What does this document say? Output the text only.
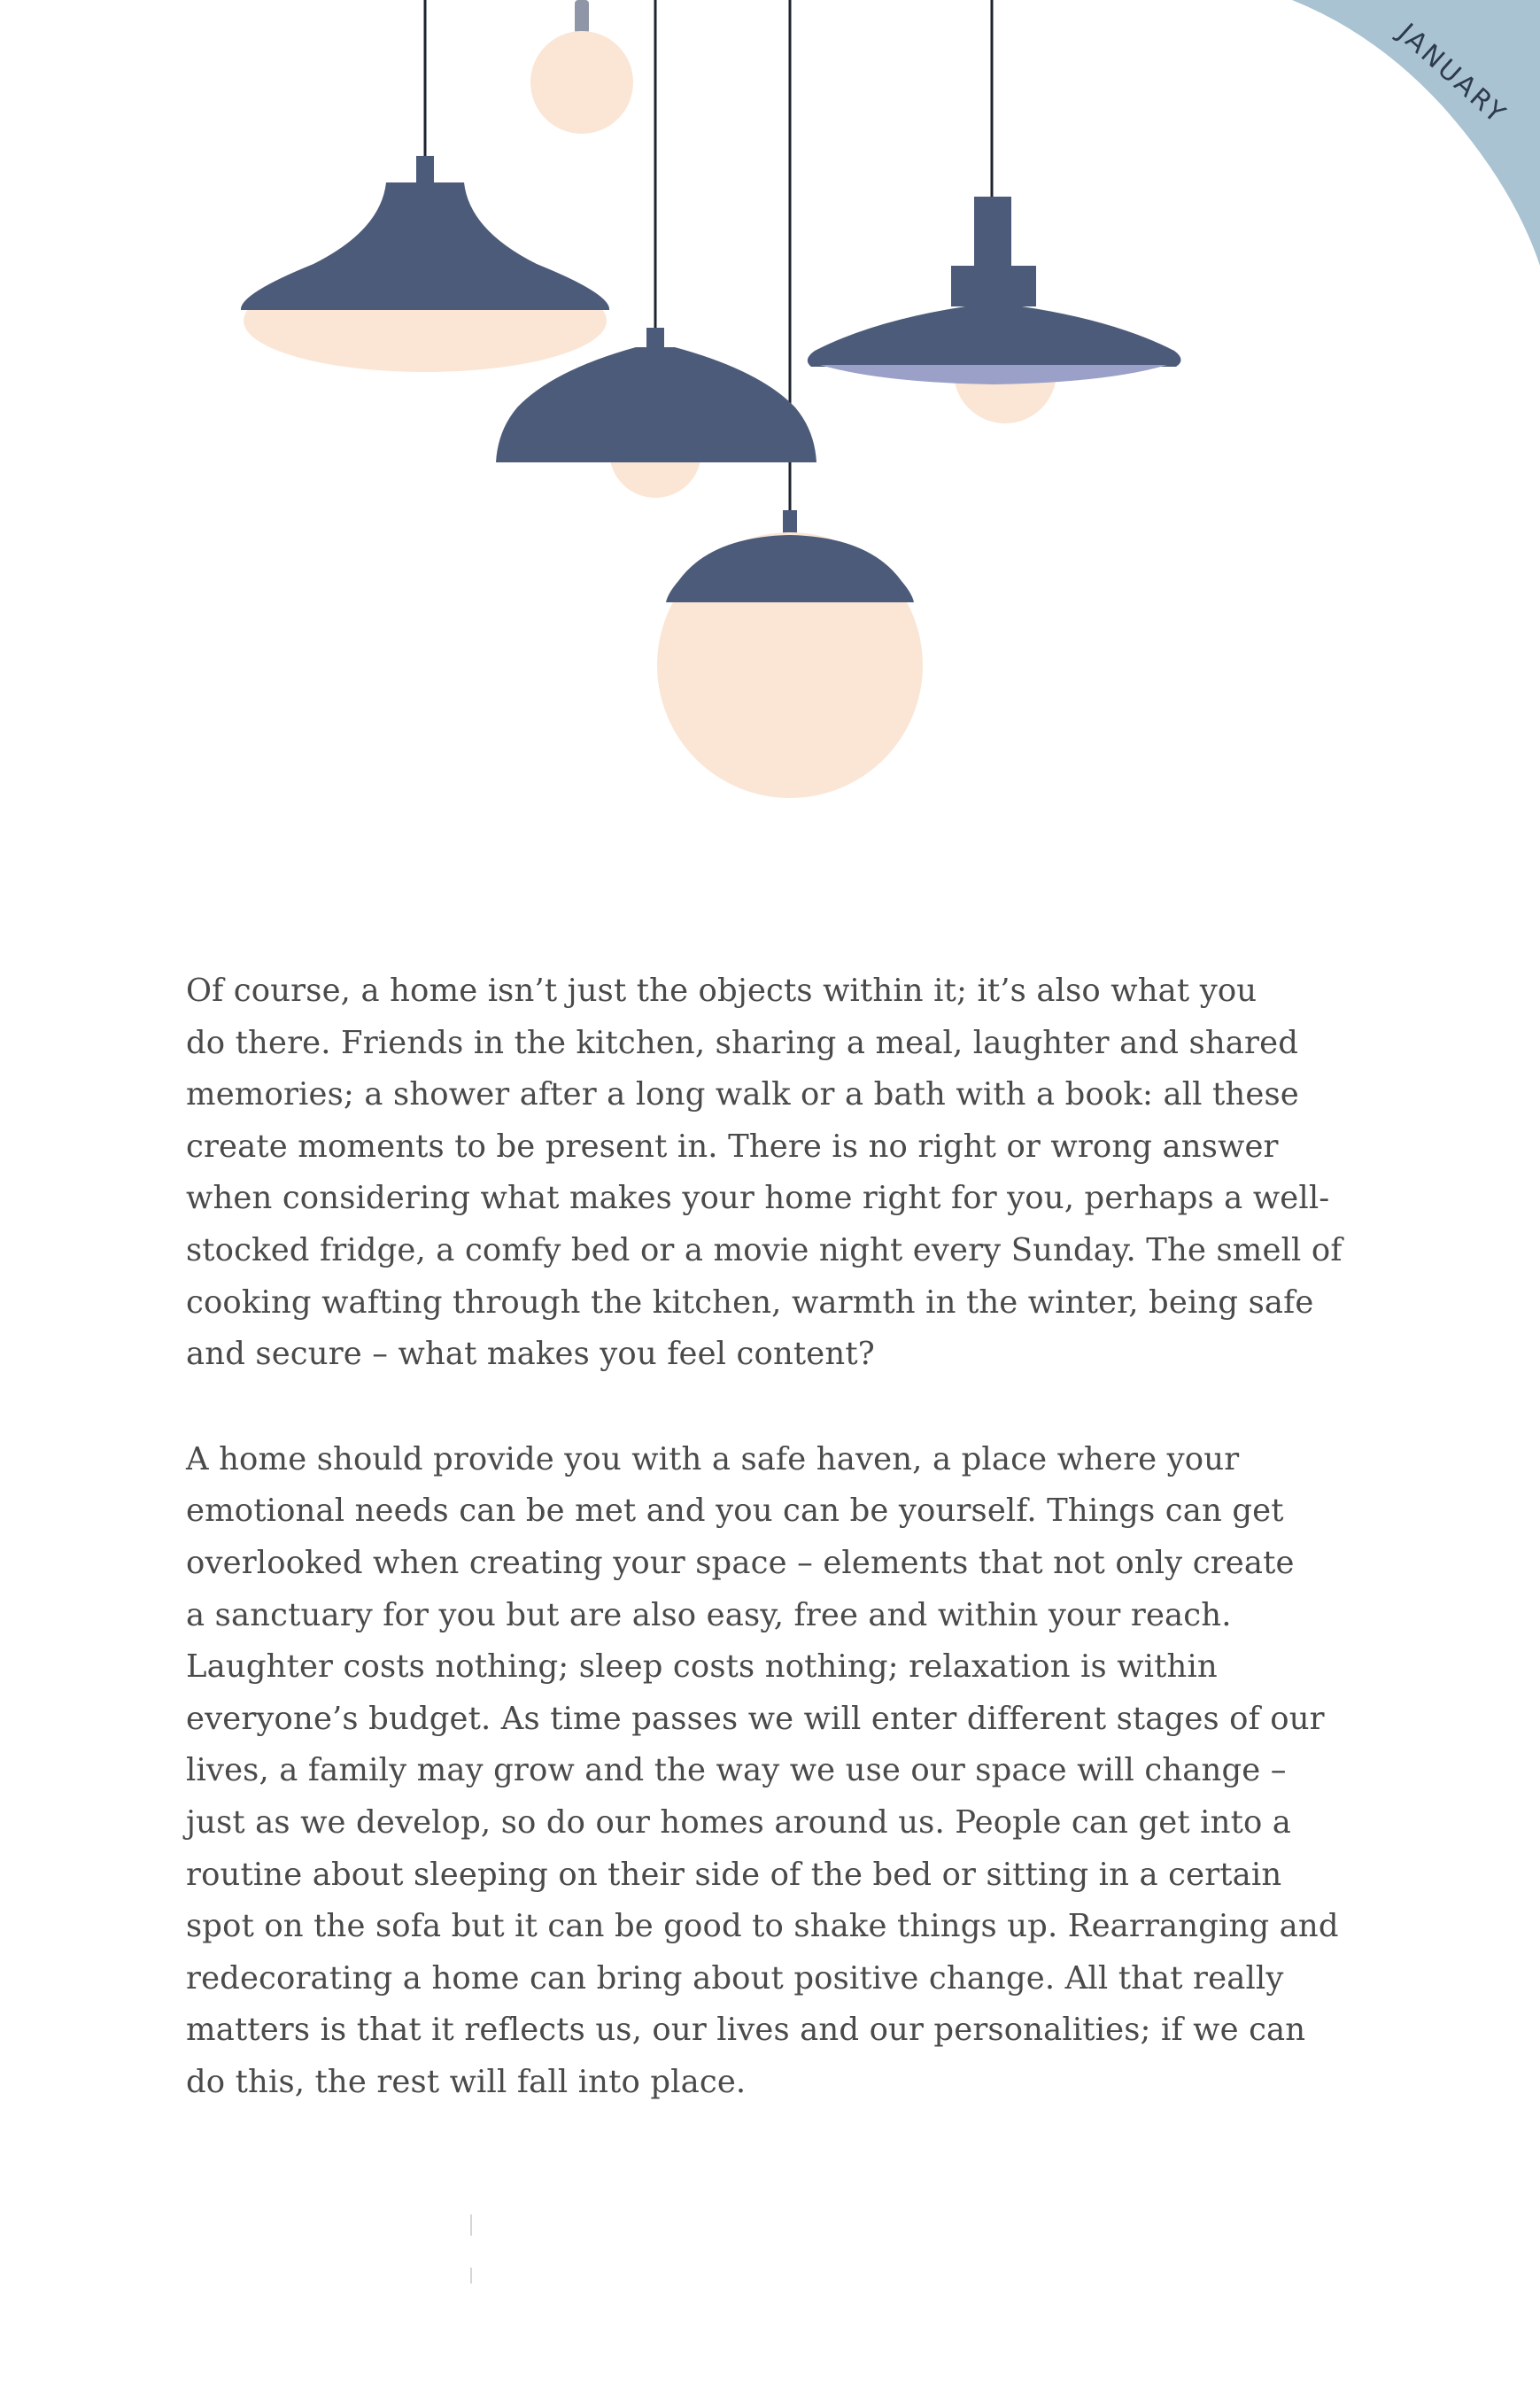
JANUARY

Of course, a home isn’t just the objects within it; it’s also what you
do there. Friends in the kitchen, sharing a meal, laughter and shared
memories; a shower after a long walk or a bath with a book: all these
create moments to be present in. There is no right or wrong answer
when considering what makes your home right for you, perhaps a well-
stocked fridge, a comfy bed or a movie night every Sunday. The smell of
cooking wafting through the kitchen, warmth in the winter, being safe
and secure – what makes you feel content?

A home should provide you with a safe haven, a place where your
emotional needs can be met and you can be yourself. Things can get
overlooked when creating your space – elements that not only create
a sanctuary for you but are also easy, free and within your reach.
Laughter costs nothing; sleep costs nothing; relaxation is within
everyone’s budget. As time passes we will enter different stages of our
lives, a family may grow and the way we use our space will change –
just as we develop, so do our homes around us. People can get into a
routine about sleeping on their side of the bed or sitting in a certain
spot on the sofa but it can be good to shake things up. Rearranging and
redecorating a home can bring about positive change. All that really
matters is that it reflects us, our lives and our personalities; if we can
do this, the rest will fall into place.
